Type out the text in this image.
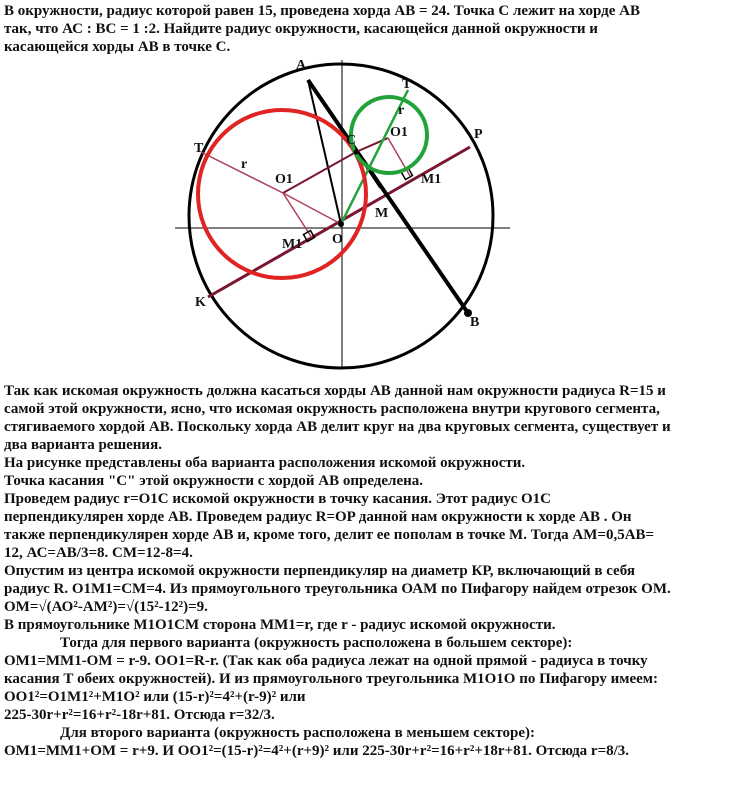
В окружности, радиус которой равен 15, проведена хорда АВ = 24. Точка С лежит на хорде АВ
так, что АС : ВС = 1 :2. Найдите радиус окружности, касающейся данной окружности и
касающейся хорды АВ в точке С.
A
B
C
T
T
P
K
M
O
O1
O1
M1
M1
r
r
Так как искомая окружность должна касаться хорды АВ данной нам окружности радиуса R=15 и
самой этой окружности, ясно, что искомая окружность расположена внутри кругового сегмента,
стягиваемого хордой АВ. Поскольку хорда АВ делит круг на два круговых сегмента, существует и
два варианта решения.
На рисунке представлены оба варианта расположения искомой окружности.
Точка касания "С" этой окружности с хордой АВ определена.
Проведем радиус r=O1C искомой окружности в точку касания. Этот радиус O1C
перпендикулярен хорде АВ. Проведем радиус R=OP данной нам окружности к хорде АВ . Он
также перпендикулярен хорде АВ и, кроме того, делит ее пополам в точке М. Тогда АМ=0,5АВ=
12, АС=АВ/3=8. СМ=12-8=4.
Опустим из центра искомой окружности перпендикуляр на диаметр КР, включающий в себя
радиус R. O1M1=CM=4. Из прямоугольного треугольника ОАМ по Пифагору найдем отрезок ОМ.
ОМ=√(АО²-АМ²)=√(15²-12²)=9.
В прямоугольнике М1O1СМ сторона ММ1=r, где r - радиус искомой окружности.
Тогда для первого варианта (окружность расположена в большем секторе):
OM1=MM1-OM = r-9. OO1=R-r. (Так как оба радиуса лежат на одной прямой - радиуса в точку
касания Т обеих окружностей). И из прямоугольного треугольника M1O1O по Пифагору имеем:
OO1²=O1M1²+M1O² или (15-r)²=4²+(r-9)² или
225-30r+r²=16+r²-18r+81. Отсюда r=32/3.
Для второго варианта (окружность расположена в меньшем секторе):
OM1=MM1+OM = r+9. И OO1²=(15-r)²=4²+(r+9)² или 225-30r+r²=16+r²+18r+81. Отсюда r=8/3.
